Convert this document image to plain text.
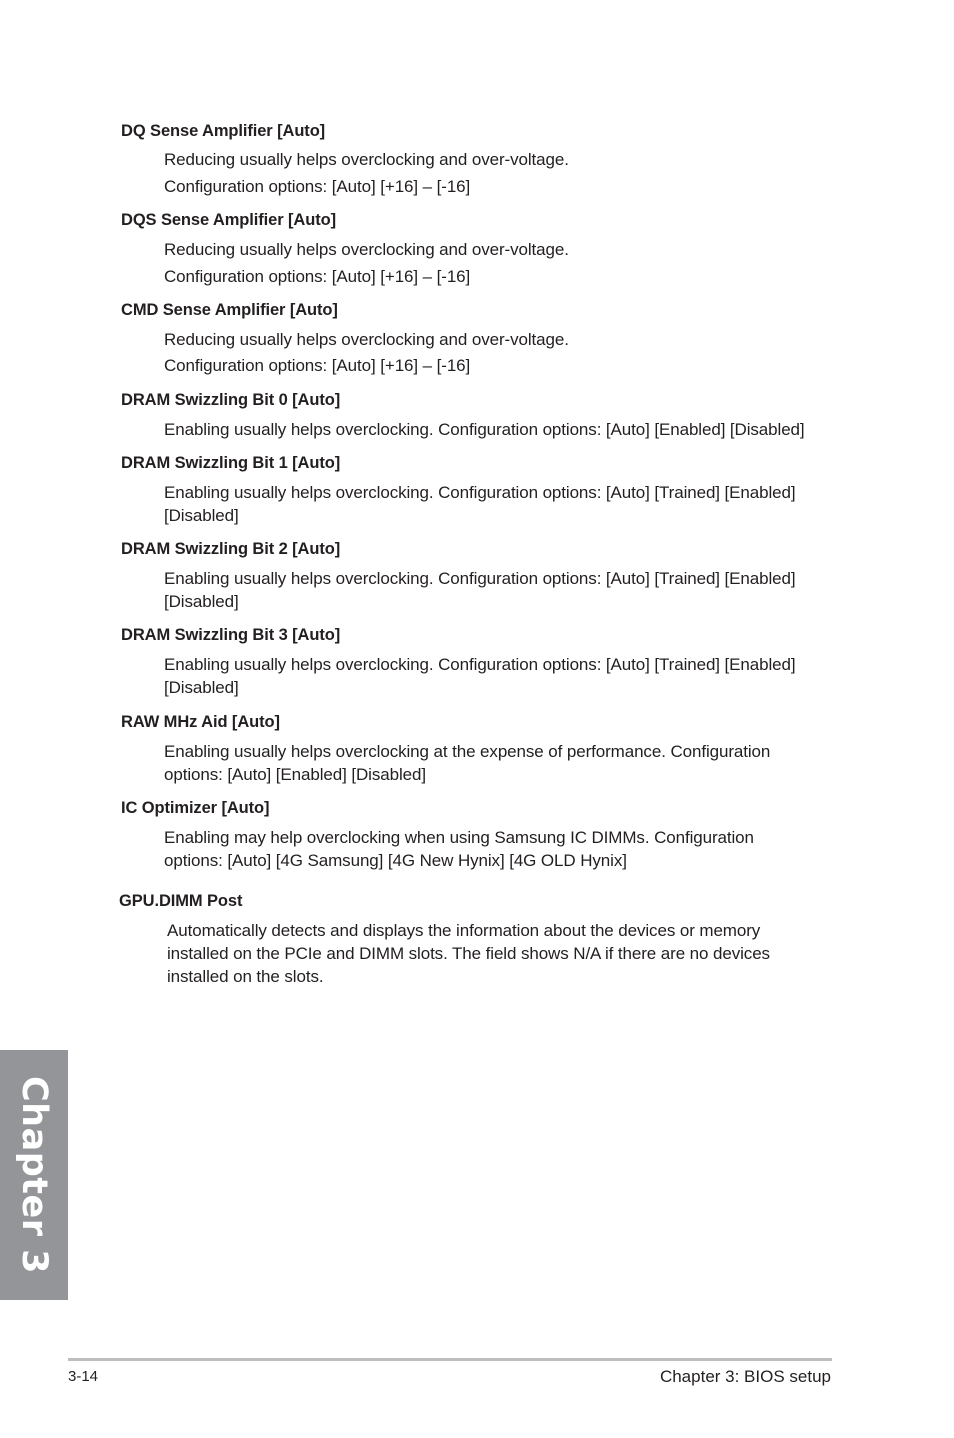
DQ Sense Amplifier [Auto]
Reducing usually helps overclocking and over-voltage.
Configuration options: [Auto] [+16] – [-16]
DQS Sense Amplifier [Auto]
Reducing usually helps overclocking and over-voltage.
Configuration options: [Auto] [+16] – [-16]
CMD Sense Amplifier [Auto]
Reducing usually helps overclocking and over-voltage.
Configuration options: [Auto] [+16] – [-16]
DRAM Swizzling Bit 0 [Auto]
Enabling usually helps overclocking. Configuration options: [Auto] [Enabled] [Disabled]
DRAM Swizzling Bit 1 [Auto]
Enabling usually helps overclocking. Configuration options: [Auto] [Trained] [Enabled]
[Disabled]
DRAM Swizzling Bit 2 [Auto]
Enabling usually helps overclocking. Configuration options: [Auto] [Trained] [Enabled]
[Disabled]
DRAM Swizzling Bit 3 [Auto]
Enabling usually helps overclocking. Configuration options: [Auto] [Trained] [Enabled]
[Disabled]
RAW MHz Aid [Auto]
Enabling usually helps overclocking at the expense of performance. Configuration
options: [Auto] [Enabled] [Disabled]
IC Optimizer [Auto]
Enabling may help overclocking when using Samsung IC DIMMs. Configuration
options: [Auto] [4G Samsung] [4G New Hynix] [4G OLD Hynix]
GPU.DIMM Post
Automatically detects and displays the information about the devices or memory
installed on the PCIe and DIMM slots. The field shows N/A if there are no devices
installed on the slots.
Chapter 3
3-14	Chapter 3: BIOS setup
